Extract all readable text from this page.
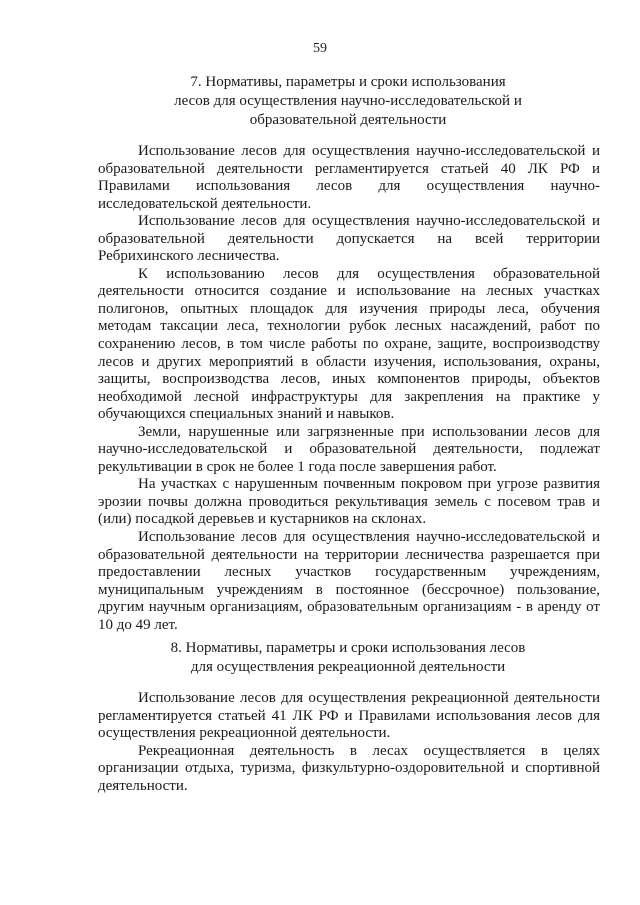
59
7. Нормативы, параметры и сроки использования
лесов для осуществления научно-исследовательской и
образовательной деятельности

Использование лесов для осуществления научно-исследовательской и образовательной деятельности регламентируется статьей 40 ЛК РФ и Правилами использования лесов для осуществления научно-исследовательской деятельности.

Использование лесов для осуществления научно-исследовательской и образовательной деятельности допускается на всей территории Ребрихинского лесничества.

К использованию лесов для осуществления образовательной деятельности относится создание и использование на лесных участках полигонов, опытных площадок для изучения природы леса, обучения методам таксации леса, технологии рубок лесных насаждений, работ по сохранению лесов, в том числе работы по охране, защите, воспроизводству лесов и других мероприятий в области изучения, использования, охраны, защиты, воспроизводства лесов, иных компонентов природы, объектов необходимой лесной инфраструктуры для закрепления на практике у обучающихся специальных знаний и навыков.

Земли, нарушенные или загрязненные при использовании лесов для научно-исследовательской и образовательной деятельности, подлежат рекультивации в срок не более 1 года после завершения работ.

На участках с нарушенным почвенным покровом при угрозе развития эрозии почвы должна проводиться рекультивация земель с посевом трав и (или) посадкой деревьев и кустарников на склонах.

Использование лесов для осуществления научно-исследовательской и образовательной деятельности на территории лесничества разрешается при предоставлении лесных участков государственным учреждениям, муниципальным учреждениям в постоянное (бессрочное) пользование, другим научным организациям, образовательным организациям - в аренду от 10 до 49 лет.

8. Нормативы, параметры и сроки использования лесов
для осуществления рекреационной деятельности

Использование лесов для осуществления рекреационной деятельности регламентируется статьей 41 ЛК РФ и Правилами использования лесов для осуществления рекреационной деятельности.

Рекреационная деятельность в лесах осуществляется в целях организации отдыха, туризма, физкультурно-оздоровительной и спортивной деятельности.
